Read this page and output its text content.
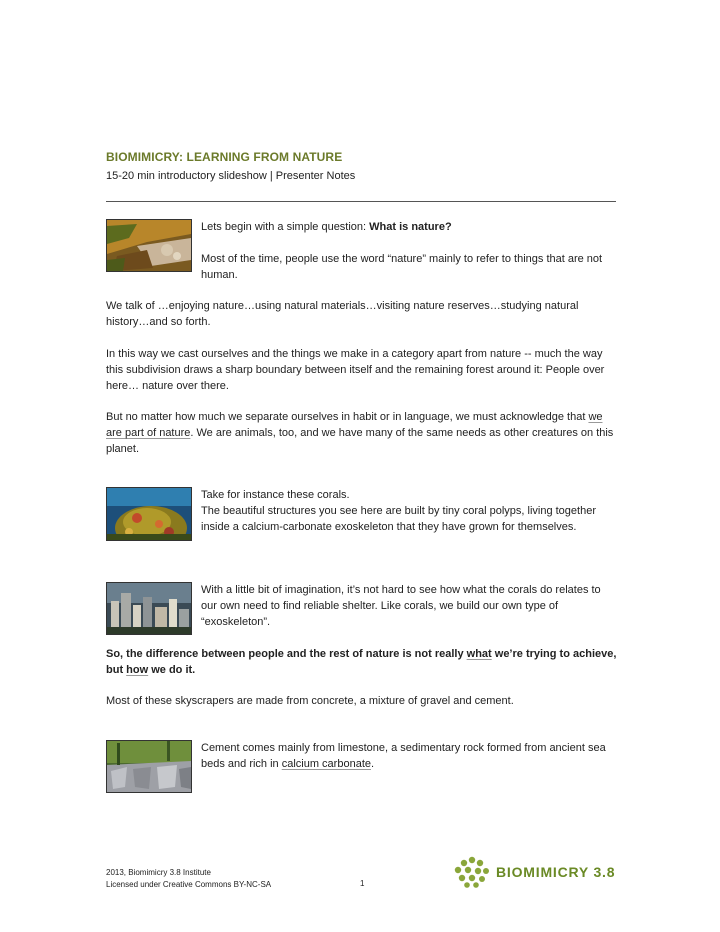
BIOMIMICRY: LEARNING FROM NATURE
15-20 min introductory slideshow | Presenter Notes

Lets begin with a simple question: What is nature?

Most of the time, people use the word “nature” mainly to refer to things that are not human.

We talk of …enjoying nature…using natural materials…visiting nature reserves…studying natural history…and so forth.

In this way we cast ourselves and the things we make in a category apart from nature -- much the way this subdivision draws a sharp boundary between itself and the remaining forest around it: People over here… nature over there.

But no matter how much we separate ourselves in habit or in language, we must acknowledge that we are part of nature. We are animals, too, and we have many of the same needs as other creatures on this planet.

Take for instance these corals.

The beautiful structures you see here are built by tiny coral polyps, living together inside a calcium-carbonate exoskeleton that they have grown for themselves.

With a little bit of imagination, it’s not hard to see how what the corals do relates to our own need to find reliable shelter. Like corals, we build our own type of “exoskeleton”.

So, the difference between people and the rest of nature is not really what we’re trying to achieve, but how we do it.

Most of these skyscrapers are made from concrete, a mixture of gravel and cement.

Cement comes mainly from limestone, a sedimentary rock formed from ancient sea beds and rich in calcium carbonate.

2013, Biomimicry 3.8 Institute
Licensed under Creative Commons BY-NC-SA	1
BIOMIMICRY 3.8
